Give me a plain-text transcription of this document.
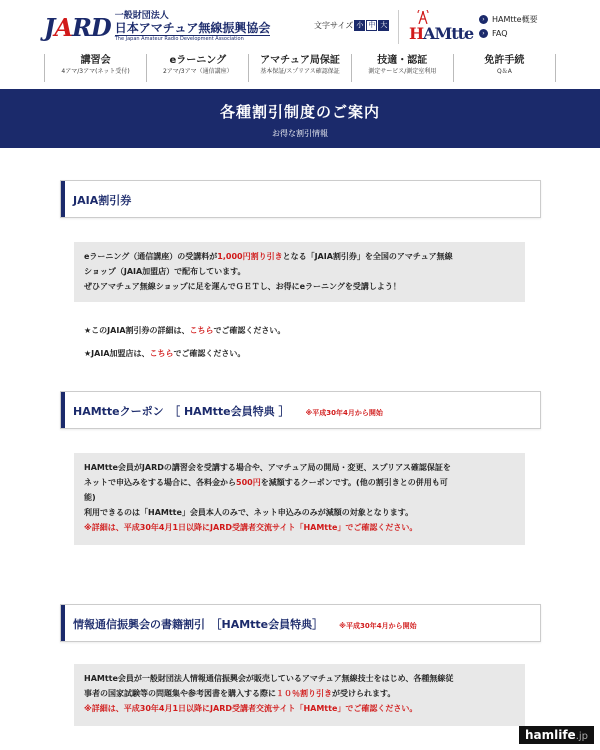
JARD 一般財団法人
日本アマチュア無線振興協会
The Japan Amateur Radio Development Association
文字サイズ 小 中 大 HAMtte
› HAMtte概要
› FAQ
講習会
4アマ/3アマ(ネット受付)
eラーニング
2アマ/3アマ（通信講座）
アマチュア局保証
基本保証/スプリアス確認保証
技適・認証
測定サービス/測定室利用
免許手続
Q＆A
各種割引制度のご案内

お得な割引情報

JAIA割引券
eラーニング（通信講座）の受講料が1,000円割り引きとなる「JAIA割引券」を全国のアマチュア無線
ショップ（JAIA加盟店）で配布しています。
ぜひアマチュア無線ショップに足を運んでＧＥＴし、お得にeラーニングを受講しよう！
★このJAIA割引券の詳細は、こちらでご確認ください。
★JAIA加盟店は、こちらでご確認ください。
HAMtteクーポン　［ HAMtte会員特典 ］ ※平成30年4月から開始
HAMtte会員がJARDの講習会を受講する場合や、アマチュア局の開局・変更、スプリアス確認保証を
ネットで申込みをする場合に、各料金から500円を減額するクーポンです。(他の割引きとの併用も可
能)
利用できるのは「HAMtte」会員本人のみで、ネット申込みのみが減額の対象となります。
※詳細は、平成30年4月1日以降にJARD受講者交流サイト「HAMtte」でご確認ください。
情報通信振興会の書籍割引　［HAMtte会員特典］ ※平成30年4月から開始
HAMtte会員が一般財団法人情報通信振興会が販売しているアマチュア無線技士をはじめ、各種無線従
事者の国家試験等の問題集や参考図書を購入する際に１０％割り引きが受けられます。
※詳細は、平成30年4月1日以降にJARD受講者交流サイト「HAMtte」でご確認ください。
hamlife.jp
